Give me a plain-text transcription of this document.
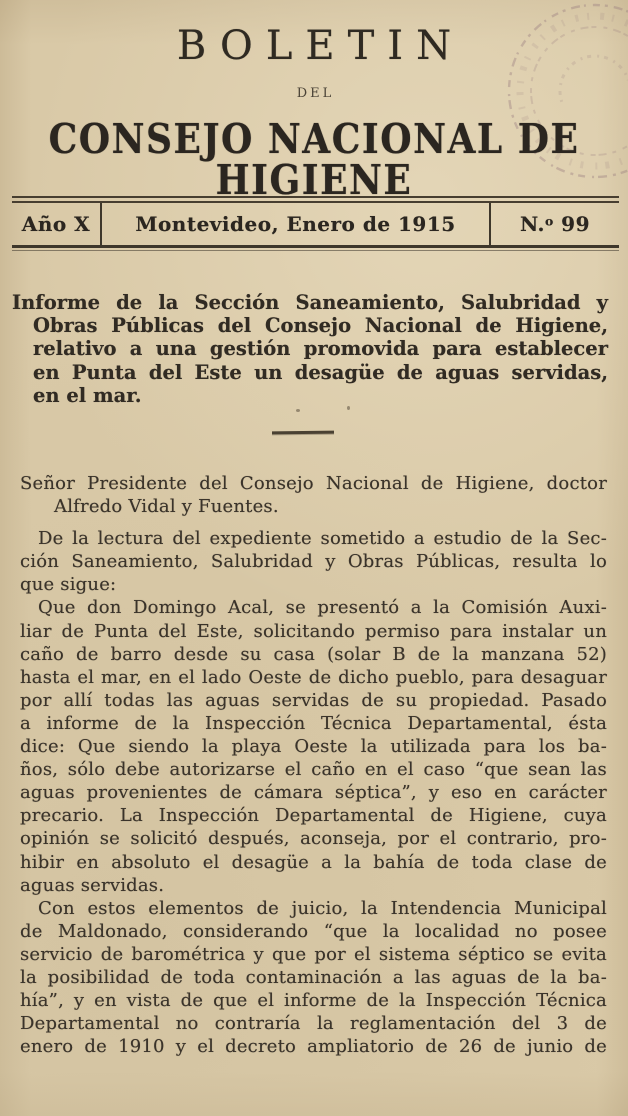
BOLETIN
DEL
CONSEJO NACIONAL DE HIGIENE
Año X	Montevideo, Enero de 1915	N.$^o$ 99
Informe de la Sección Saneamiento, Salubridad y
Obras Públicas del Consejo Nacional de Higiene,
relativo a una gestión promovida para establecer
en Punta del Este un desagüe de aguas servidas,
en el mar.
Señor Presidente del Consejo Nacional de Higiene, doctor
Alfredo Vidal y Fuentes.
De la lectura del expediente sometido a estudio de la Sec-
ción Saneamiento, Salubridad y Obras Públicas, resulta lo
que sigue:
Que don Domingo Acal, se presentó a la Comisión Auxi-
liar de Punta del Este, solicitando permiso para instalar un
caño de barro desde su casa (solar B de la manzana 52)
hasta el mar, en el lado Oeste de dicho pueblo, para desaguar
por allí todas las aguas servidas de su propiedad. Pasado
a informe de la Inspección Técnica Departamental, ésta
dice: Que siendo la playa Oeste la utilizada para los ba-
ños, sólo debe autorizarse el caño en el caso “que sean las
aguas provenientes de cámara séptica”, y eso en carácter
precario. La Inspección Departamental de Higiene, cuya
opinión se solicitó después, aconseja, por el contrario, pro-
hibir en absoluto el desagüe a la bahía de toda clase de
aguas servidas.
Con estos elementos de juicio, la Intendencia Municipal
de Maldonado, considerando “que la localidad no posee
servicio de barométrica y que por el sistema séptico se evita
la posibilidad de toda contaminación a las aguas de la ba-
hía”, y en vista de que el informe de la Inspección Técnica
Departamental no contraría la reglamentación del 3 de
enero de 1910 y el decreto ampliatorio de 26 de junio de
